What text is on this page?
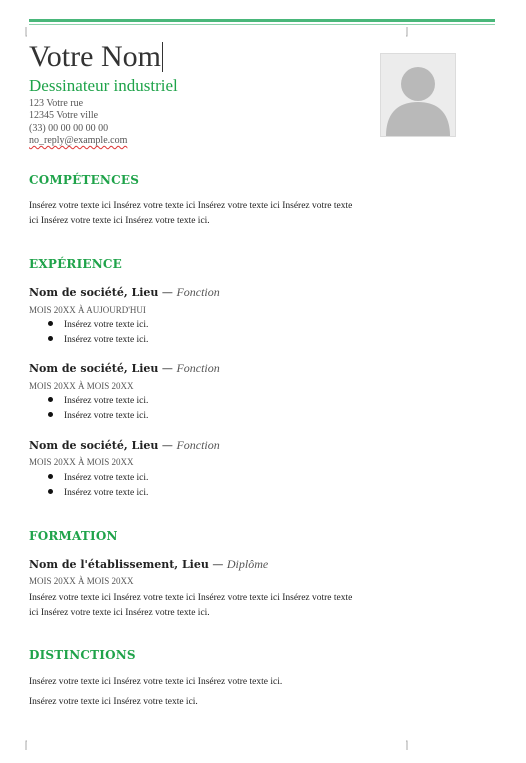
Votre Nom
Dessinateur industriel
123 Votre rue
12345 Votre ville
(33) 00 00 00 00 00
no_reply@example.com
COMPÉTENCES
Insérez votre texte ici Insérez votre texte ici Insérez votre texte ici Insérez votre texte
ici Insérez votre texte ici Insérez votre texte ici.
EXPÉRIENCE
Nom de société, Lieu — Fonction
MOIS 20XX À AUJOURD'HUI
Insérez votre texte ici.
Insérez votre texte ici.
Nom de société, Lieu — Fonction
MOIS 20XX À MOIS 20XX
Insérez votre texte ici.
Insérez votre texte ici.
Nom de société, Lieu — Fonction
MOIS 20XX À MOIS 20XX
Insérez votre texte ici.
Insérez votre texte ici.
FORMATION
Nom de l'établissement, Lieu — Diplôme
MOIS 20XX À MOIS 20XX
Insérez votre texte ici Insérez votre texte ici Insérez votre texte ici Insérez votre texte
ici Insérez votre texte ici Insérez votre texte ici.
DISTINCTIONS
Insérez votre texte ici Insérez votre texte ici Insérez votre texte ici.
Insérez votre texte ici Insérez votre texte ici.
